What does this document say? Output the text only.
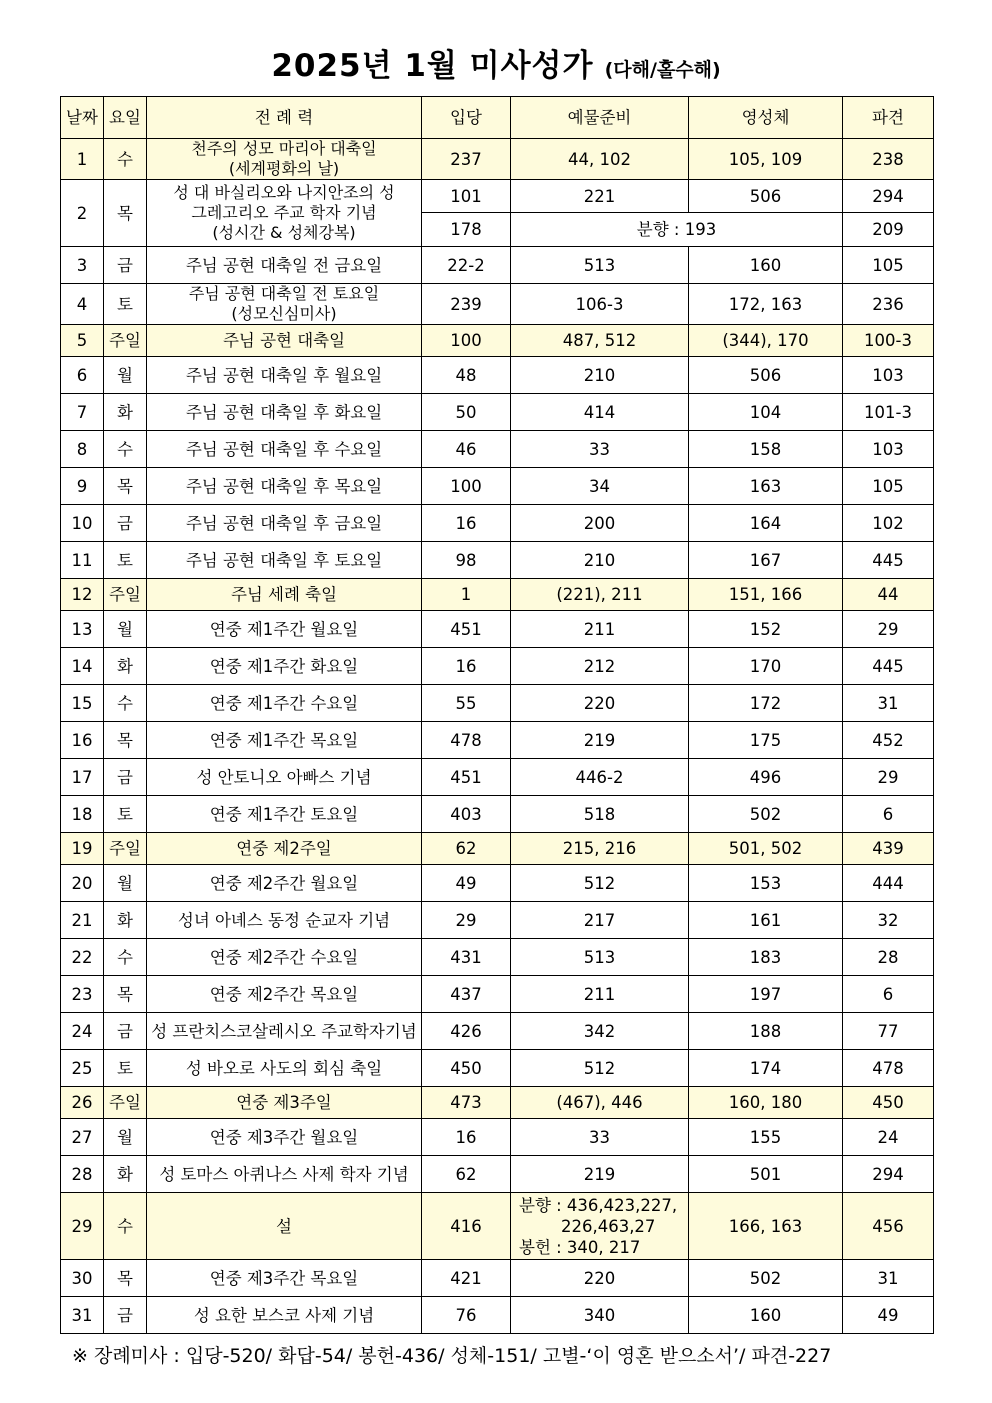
2025년 1월 미사성가 (다해/홀수해)
날짜	요일	전 례 력	입당	예물준비	영성체	파견
1	수	천주의 성모 마리아 대축일
(세계평화의 날)	237	44, 102	105, 109	238
2	목	성 대 바실리오와 나지안조의 성
그레고리오 주교 학자 기념
(성시간 & 성체강복)	101	221	506	294
			178	분향 : 193		209
3	금	주님 공현 대축일 전 금요일	22-2	513	160	105
4	토	주님 공현 대축일 전 토요일
(성모신심미사)	239	106-3	172, 163	236
5	주일	주님 공현 대축일	100	487, 512	(344), 170	100-3
6	월	주님 공현 대축일 후 월요일	48	210	506	103
7	화	주님 공현 대축일 후 화요일	50	414	104	101-3
8	수	주님 공현 대축일 후 수요일	46	33	158	103
9	목	주님 공현 대축일 후 목요일	100	34	163	105
10	금	주님 공현 대축일 후 금요일	16	200	164	102
11	토	주님 공현 대축일 후 토요일	98	210	167	445
12	주일	주님 세례 축일	1	(221), 211	151, 166	44
13	월	연중 제1주간 월요일	451	211	152	29
14	화	연중 제1주간 화요일	16	212	170	445
15	수	연중 제1주간 수요일	55	220	172	31
16	목	연중 제1주간 목요일	478	219	175	452
17	금	성 안토니오 아빠스 기념	451	446-2	496	29
18	토	연중 제1주간 토요일	403	518	502	6
19	주일	연중 제2주일	62	215, 216	501, 502	439
20	월	연중 제2주간 월요일	49	512	153	444
21	화	성녀 아녜스 동정 순교자 기념	29	217	161	32
22	수	연중 제2주간 수요일	431	513	183	28
23	목	연중 제2주간 목요일	437	211	197	6
24	금	성 프란치스코살레시오 주교학자기념	426	342	188	77
25	토	성 바오로 사도의 회심 축일	450	512	174	478
26	주일	연중 제3주일	473	(467), 446	160, 180	450
27	월	연중 제3주간 월요일	16	33	155	24
28	화	성 토마스 아퀴나스 사제 학자 기념	62	219	501	294
29	수	설	416	분향 : 436,423,227,
226,463,27
봉헌 : 340, 217	166, 163	456
30	목	연중 제3주간 목요일	421	220	502	31
31	금	성 요한 보스코 사제 기념	76	340	160	49
※ 장례미사 : 입당-520/ 화답-54/ 봉헌-436/ 성체-151/ 고별-‘이 영혼 받으소서’/ 파견-227
